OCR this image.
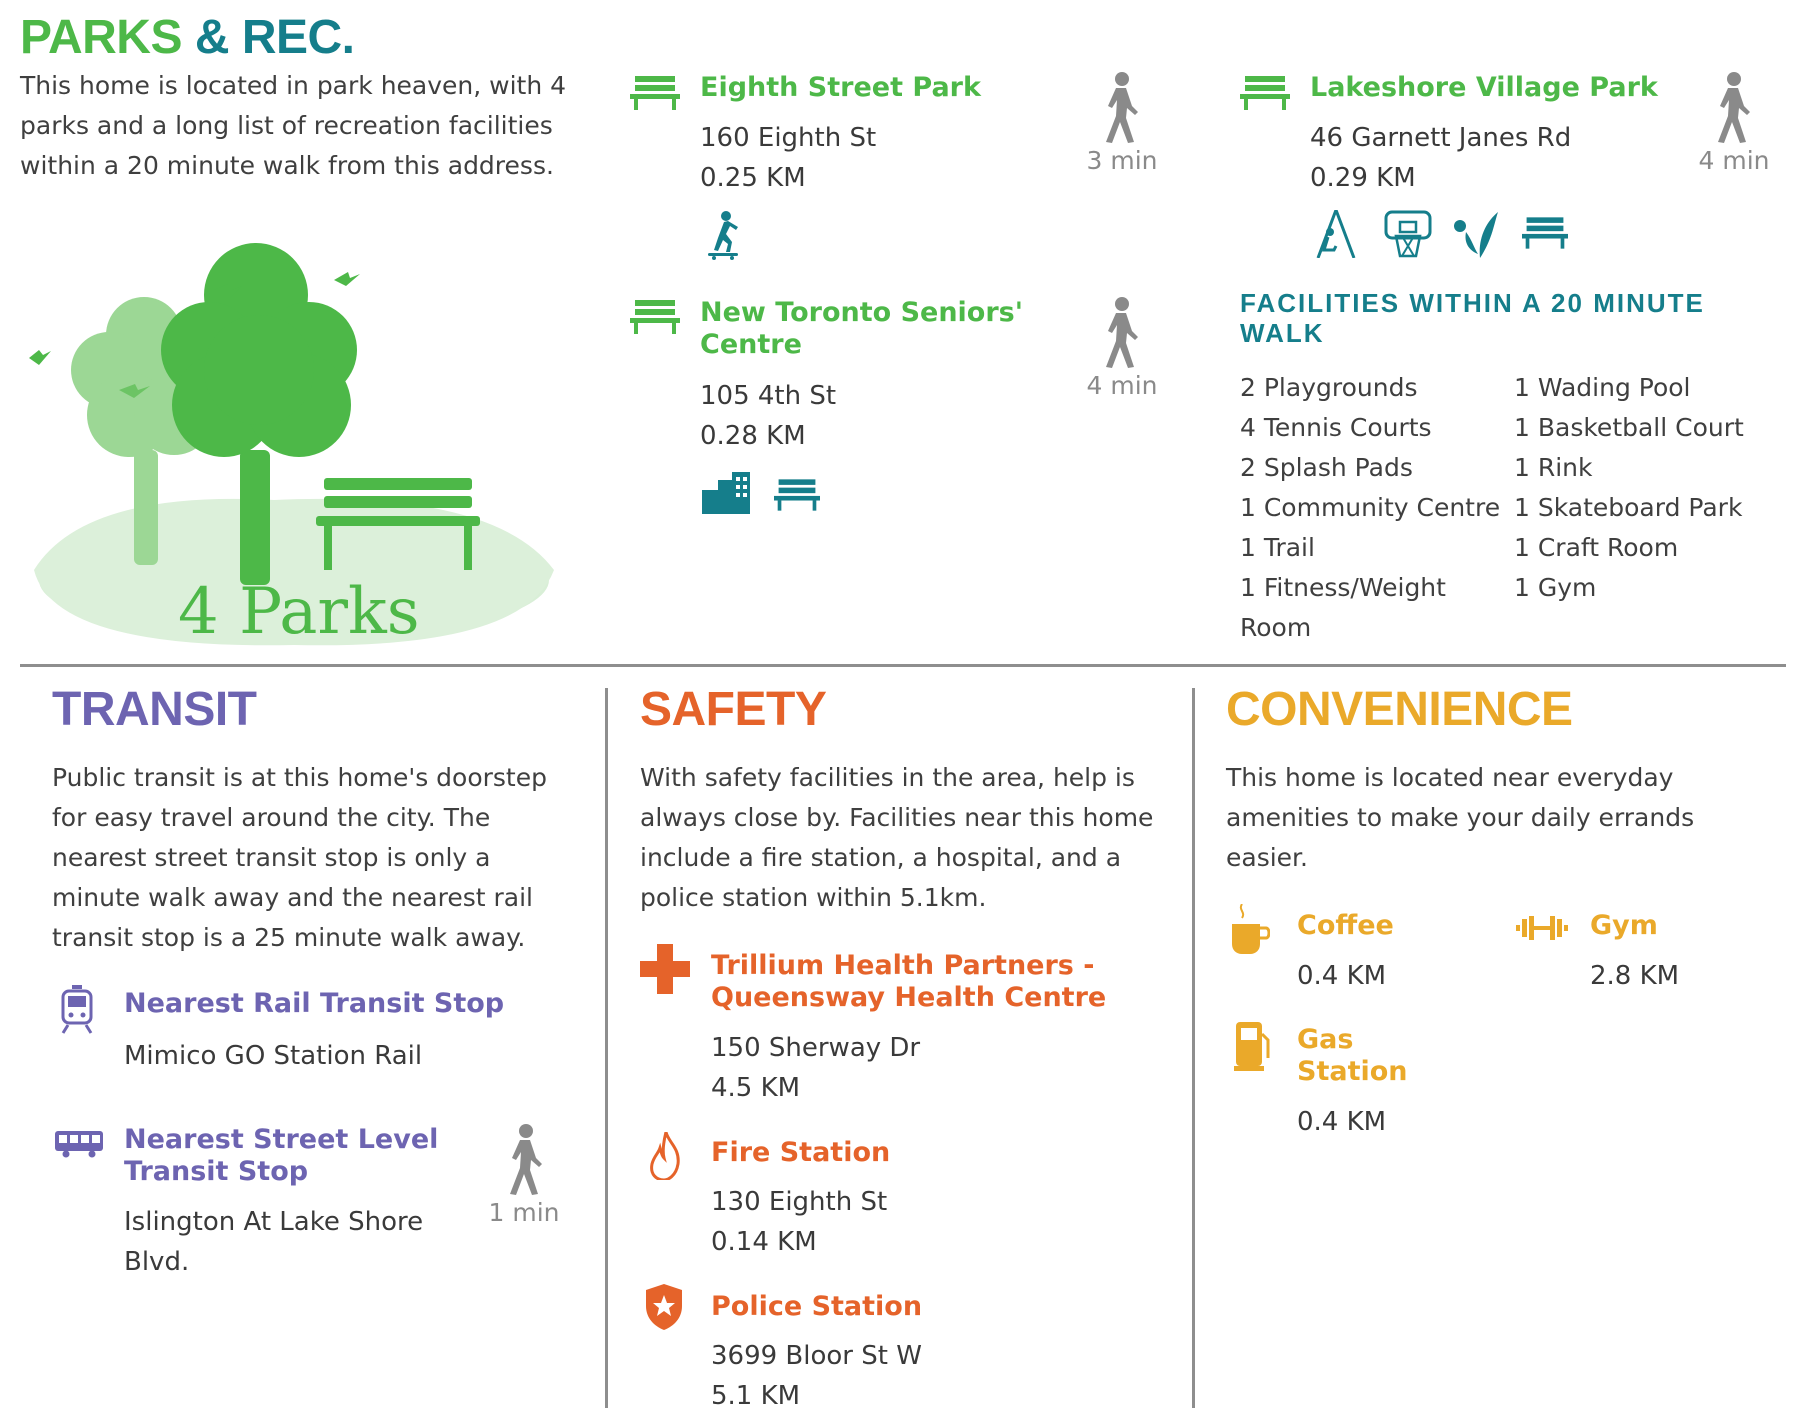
PARKS & REC.
This home is located in park heaven, with 4 parks and a long list of recreation facilities within a 20 minute walk from this address.
4 Parks
Eighth Street Park
160 Eighth St
0.25 KM
3 min
New Toronto Seniors' Centre
105 4th St
0.28 KM
4 min
Lakeshore Village Park
46 Garnett Janes Rd
0.29 KM
4 min
FACILITIES WITHIN A 20 MINUTE WALK
2 Playgrounds
4 Tennis Courts
2 Splash Pads
1 Community Centre
1 Trail
1 Fitness/Weight Room
1 Wading Pool
1 Basketball Court
1 Rink
1 Skateboard Park
1 Craft Room
1 Gym
TRANSIT
Public transit is at this home's doorstep for easy travel around the city. The nearest street transit stop is only a minute walk away and the nearest rail transit stop is a 25 minute walk away.
Nearest Rail Transit Stop
Mimico GO Station Rail
Nearest Street Level Transit Stop
Islington At Lake Shore Blvd.
1 min
SAFETY
With safety facilities in the area, help is always close by. Facilities near this home include a fire station, a hospital, and a police station within 5.1km.
Trillium Health Partners - Queensway Health Centre
150 Sherway Dr
4.5 KM
Fire Station
130 Eighth St
0.14 KM
Police Station
3699 Bloor St W
5.1 KM
CONVENIENCE
This home is located near everyday amenities to make your daily errands easier.
Coffee
0.4 KM
Gym
2.8 KM
Gas Station
0.4 KM
